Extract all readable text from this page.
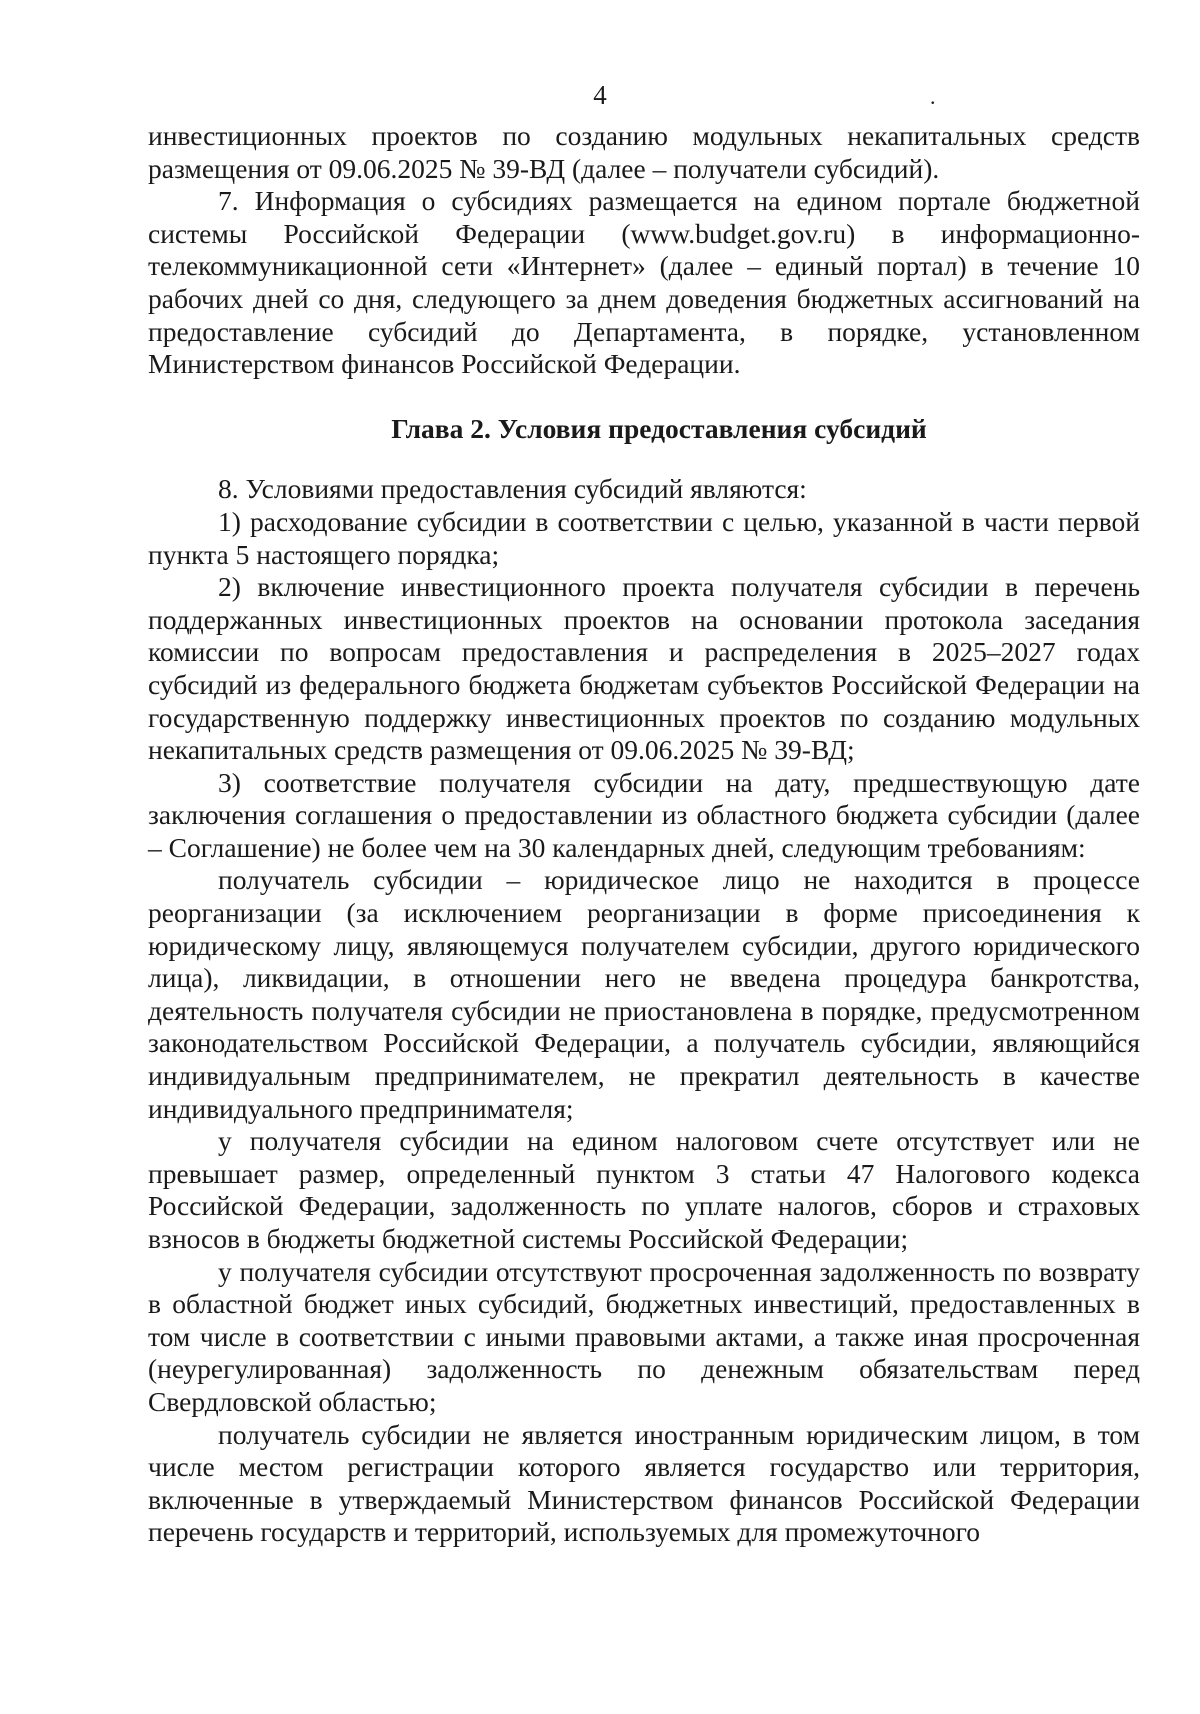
4	.

инвестиционных проектов по созданию модульных некапитальных средств размещения от 09.06.2025 № 39-ВД (далее – получатели субсидий).

7. Информация о субсидиях размещается на едином портале бюджетной системы Российской Федерации (www.budget.gov.ru) в информационно-телекоммуникационной сети «Интернет» (далее – единый портал) в течение 10 рабочих дней со дня, следующего за днем доведения бюджетных ассигнований на предоставление субсидий до Департамента, в порядке, установленном Министерством финансов Российской Федерации.

Глава 2. Условия предоставления субсидий

8. Условиями предоставления субсидий являются:

1) расходование субсидии в соответствии с целью, указанной в части первой пункта 5 настоящего порядка;

2) включение инвестиционного проекта получателя субсидии в перечень поддержанных инвестиционных проектов на основании протокола заседания комиссии по вопросам предоставления и распределения в 2025–2027 годах субсидий из федерального бюджета бюджетам субъектов Российской Федерации на государственную поддержку инвестиционных проектов по созданию модульных некапитальных средств размещения от 09.06.2025 № 39-ВД;

3) соответствие получателя субсидии на дату, предшествующую дате заключения соглашения о предоставлении из областного бюджета субсидии (далее – Соглашение) не более чем на 30 календарных дней, следующим требованиям:

получатель субсидии – юридическое лицо не находится в процессе реорганизации (за исключением реорганизации в форме присоединения к юридическому лицу, являющемуся получателем субсидии, другого юридического лица), ликвидации, в отношении него не введена процедура банкротства, деятельность получателя субсидии не приостановлена в порядке, предусмотренном законодательством Российской Федерации, а получатель субсидии, являющийся индивидуальным предпринимателем, не прекратил деятельность в качестве индивидуального предпринимателя;

у получателя субсидии на едином налоговом счете отсутствует или не превышает размер, определенный пунктом 3 статьи 47 Налогового кодекса Российской Федерации, задолженность по уплате налогов, сборов и страховых взносов в бюджеты бюджетной системы Российской Федерации;

у получателя субсидии отсутствуют просроченная задолженность по возврату в областной бюджет иных субсидий, бюджетных инвестиций, предоставленных в том числе в соответствии с иными правовыми актами, а также иная просроченная (неурегулированная) задолженность по денежным обязательствам перед Свердловской областью;

получатель субсидии не является иностранным юридическим лицом, в том числе местом регистрации которого является государство или территория, включенные в утверждаемый Министерством финансов Российской Федерации перечень государств и территорий, используемых для промежуточного
